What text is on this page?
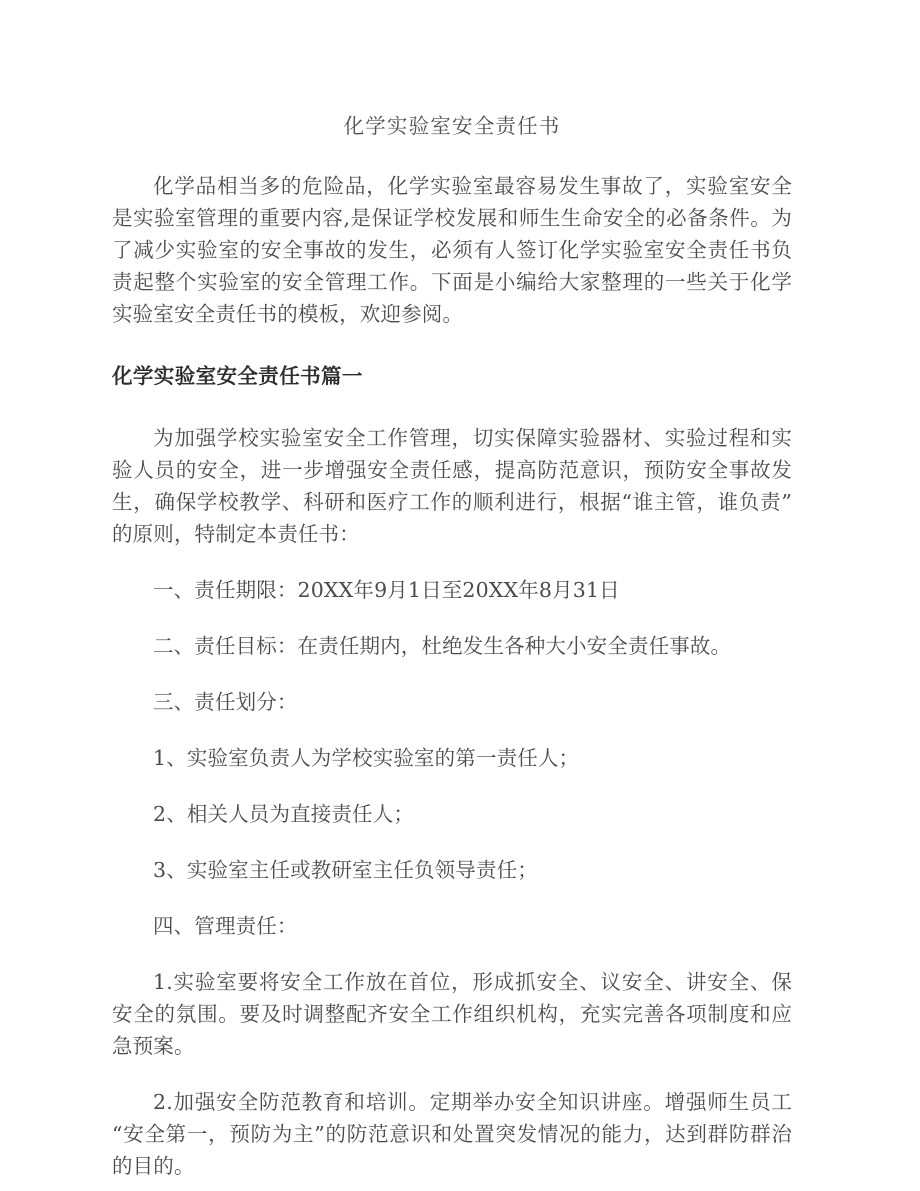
化学实验室安全责任书

化学品相当多的危险品，化学实验室最容易发生事故了，实验室安全是实验室管理的重要内容,是保证学校发展和师生生命安全的必备条件。为了减少实验室的安全事故的发生，必须有人签订化学实验室安全责任书负责起整个实验室的安全管理工作。下面是小编给大家整理的一些关于化学实验室安全责任书的模板，欢迎参阅。

化学实验室安全责任书篇一

为加强学校实验室安全工作管理，切实保障实验器材、实验过程和实验人员的安全，进一步增强安全责任感，提高防范意识，预防安全事故发生，确保学校教学、科研和医疗工作的顺利进行，根据“谁主管，谁负责”的原则，特制定本责任书：

一、责任期限：20XX年9月1日至20XX年8月31日

二、责任目标：在责任期内，杜绝发生各种大小安全责任事故。

三、责任划分：

1、实验室负责人为学校实验室的第一责任人；

2、相关人员为直接责任人；

3、实验室主任或教研室主任负领导责任；

四、管理责任：

1.实验室要将安全工作放在首位，形成抓安全、议安全、讲安全、保安全的氛围。要及时调整配齐安全工作组织机构，充实完善各项制度和应急预案。

2.加强安全防范教育和培训。定期举办安全知识讲座。增强师生员工“安全第一，预防为主”的防范意识和处置突发情况的能力，达到群防群治的目的。
